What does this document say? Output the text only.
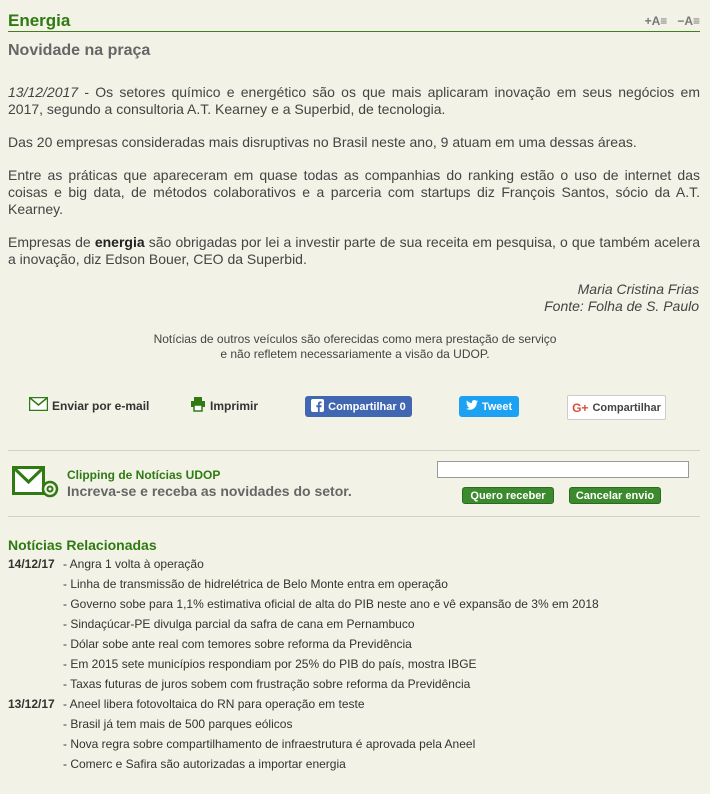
Energia	+A≡ −A≡
Novidade na praça

13/12/2017 - Os setores químico e energético são os que mais aplicaram inovação em seus negócios em 2017, segundo a consultoria A.T. Kearney e a Superbid, de tecnologia.

Das 20 empresas consideradas mais disruptivas no Brasil neste ano, 9 atuam em uma dessas áreas.

Entre as práticas que apareceram em quase todas as companhias do ranking estão o uso de internet das coisas e big data, de métodos colaborativos e a parceria com startups diz François Santos, sócio da A.T. Kearney.

Empresas de energia são obrigadas por lei a investir parte de sua receita em pesquisa, o que também acelera a inovação, diz Edson Bouer, CEO da Superbid.

Maria Cristina Frias
Fonte: Folha de S. Paulo
Notícias de outros veículos são oferecidas como mera prestação de serviço
e não refletem necessariamente a visão da UDOP.
Enviar por e-mail	Imprimir	Compartilhar 0	Tweet	G+ Compartilhar
Clipping de Notícias UDOP
Increva-se e receba as novidades do setor.	Quero receber	Cancelar envio
Notícias Relacionadas
14/12/17 - Angra 1 volta à operação
- Linha de transmissão de hidrelétrica de Belo Monte entra em operação
- Governo sobe para 1,1% estimativa oficial de alta do PIB neste ano e vê expansão de 3% em 2018
- Sindaçúcar-PE divulga parcial da safra de cana em Pernambuco
- Dólar sobe ante real com temores sobre reforma da Previdência
- Em 2015 sete municípios respondiam por 25% do PIB do país, mostra IBGE
- Taxas futuras de juros sobem com frustração sobre reforma da Previdência
13/12/17 - Aneel libera fotovoltaica do RN para operação em teste
- Brasil já tem mais de 500 parques eólicos
- Nova regra sobre compartilhamento de infraestrutura é aprovada pela Aneel
- Comerc e Safira são autorizadas a importar energia
